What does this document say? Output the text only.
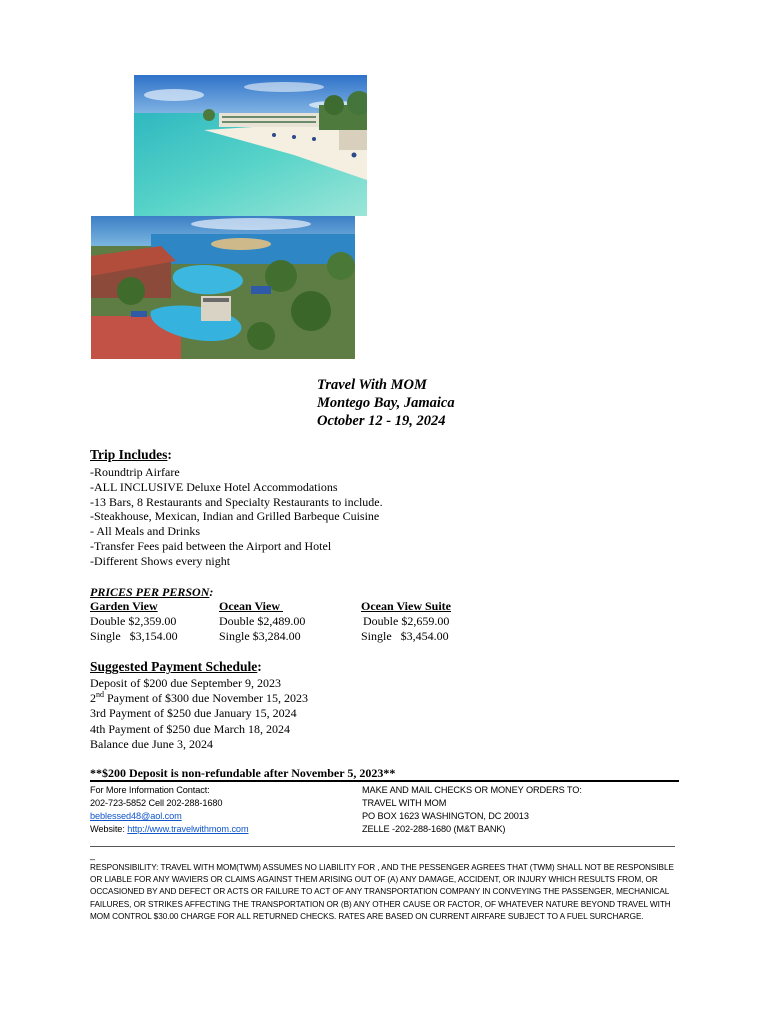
Travel With MOM
Montego Bay, Jamaica
October 12 - 19, 2024
Trip Includes:
-Roundtrip Airfare
-ALL INCLUSIVE Deluxe Hotel Accommodations
-13 Bars, 8 Restaurants and Specialty Restaurants to include.
-Steakhouse, Mexican, Indian and Grilled Barbeque Cuisine
- All Meals and Drinks
-Transfer Fees paid between the Airport and Hotel
-Different Shows every night
PRICES PER PERSON:
Garden View
Double $2,359.00
Single   $3,154.00
Ocean View
Double $2,489.00
Single $3,284.00
Ocean View Suite
Double $2,659.00
Single   $3,454.00
Suggested Payment Schedule:
Deposit of $200 due September 9, 2023
2nd Payment of $300 due November 15, 2023
3rd Payment of $250 due January 15, 2024
4th Payment of $250 due March 18, 2024
Balance due June 3, 2024
**$200 Deposit is non-refundable after November 5, 2023**
For More Information Contact:
202-723-5852 Cell 202-288-1680
beblessed48@aol.com
Website: http://www.travelwithmom.com
MAKE AND MAIL CHECKS OR MONEY ORDERS TO:
TRAVEL WITH MOM
PO BOX 1623 WASHINGTON, DC 20013
ZELLE -202-288-1680 (M&T BANK)
_
RESPONSIBILITY: TRAVEL WITH MOM(TWM) ASSUMES NO LIABILITY FOR , AND THE PESSENGER AGREES THAT (TWM) SHALL NOT BE RESPONSIBLE OR LIABLE FOR ANY WAVIERS OR CLAIMS AGAINST THEM ARISING OUT OF (A) ANY DAMAGE, ACCIDENT, OR INJURY WHICH RESULTS FROM, OR OCCASIONED BY AND DEFECT OR ACTS OR FAILURE TO ACT OF ANY TRANSPORTATION COMPANY IN CONVEYING THE PASSENGER, MECHANICAL FAILURES, OR STRIKES AFFECTING THE TRANSPORTATION OR (B) ANY OTHER CAUSE OR FACTOR, OF WHATEVER NATURE BEYOND TRAVEL WITH MOM CONTROL $30.00 CHARGE FOR ALL RETURNED CHECKS. RATES ARE BASED ON CURRENT AIRFARE SUBJECT TO A FUEL SURCHARGE.
